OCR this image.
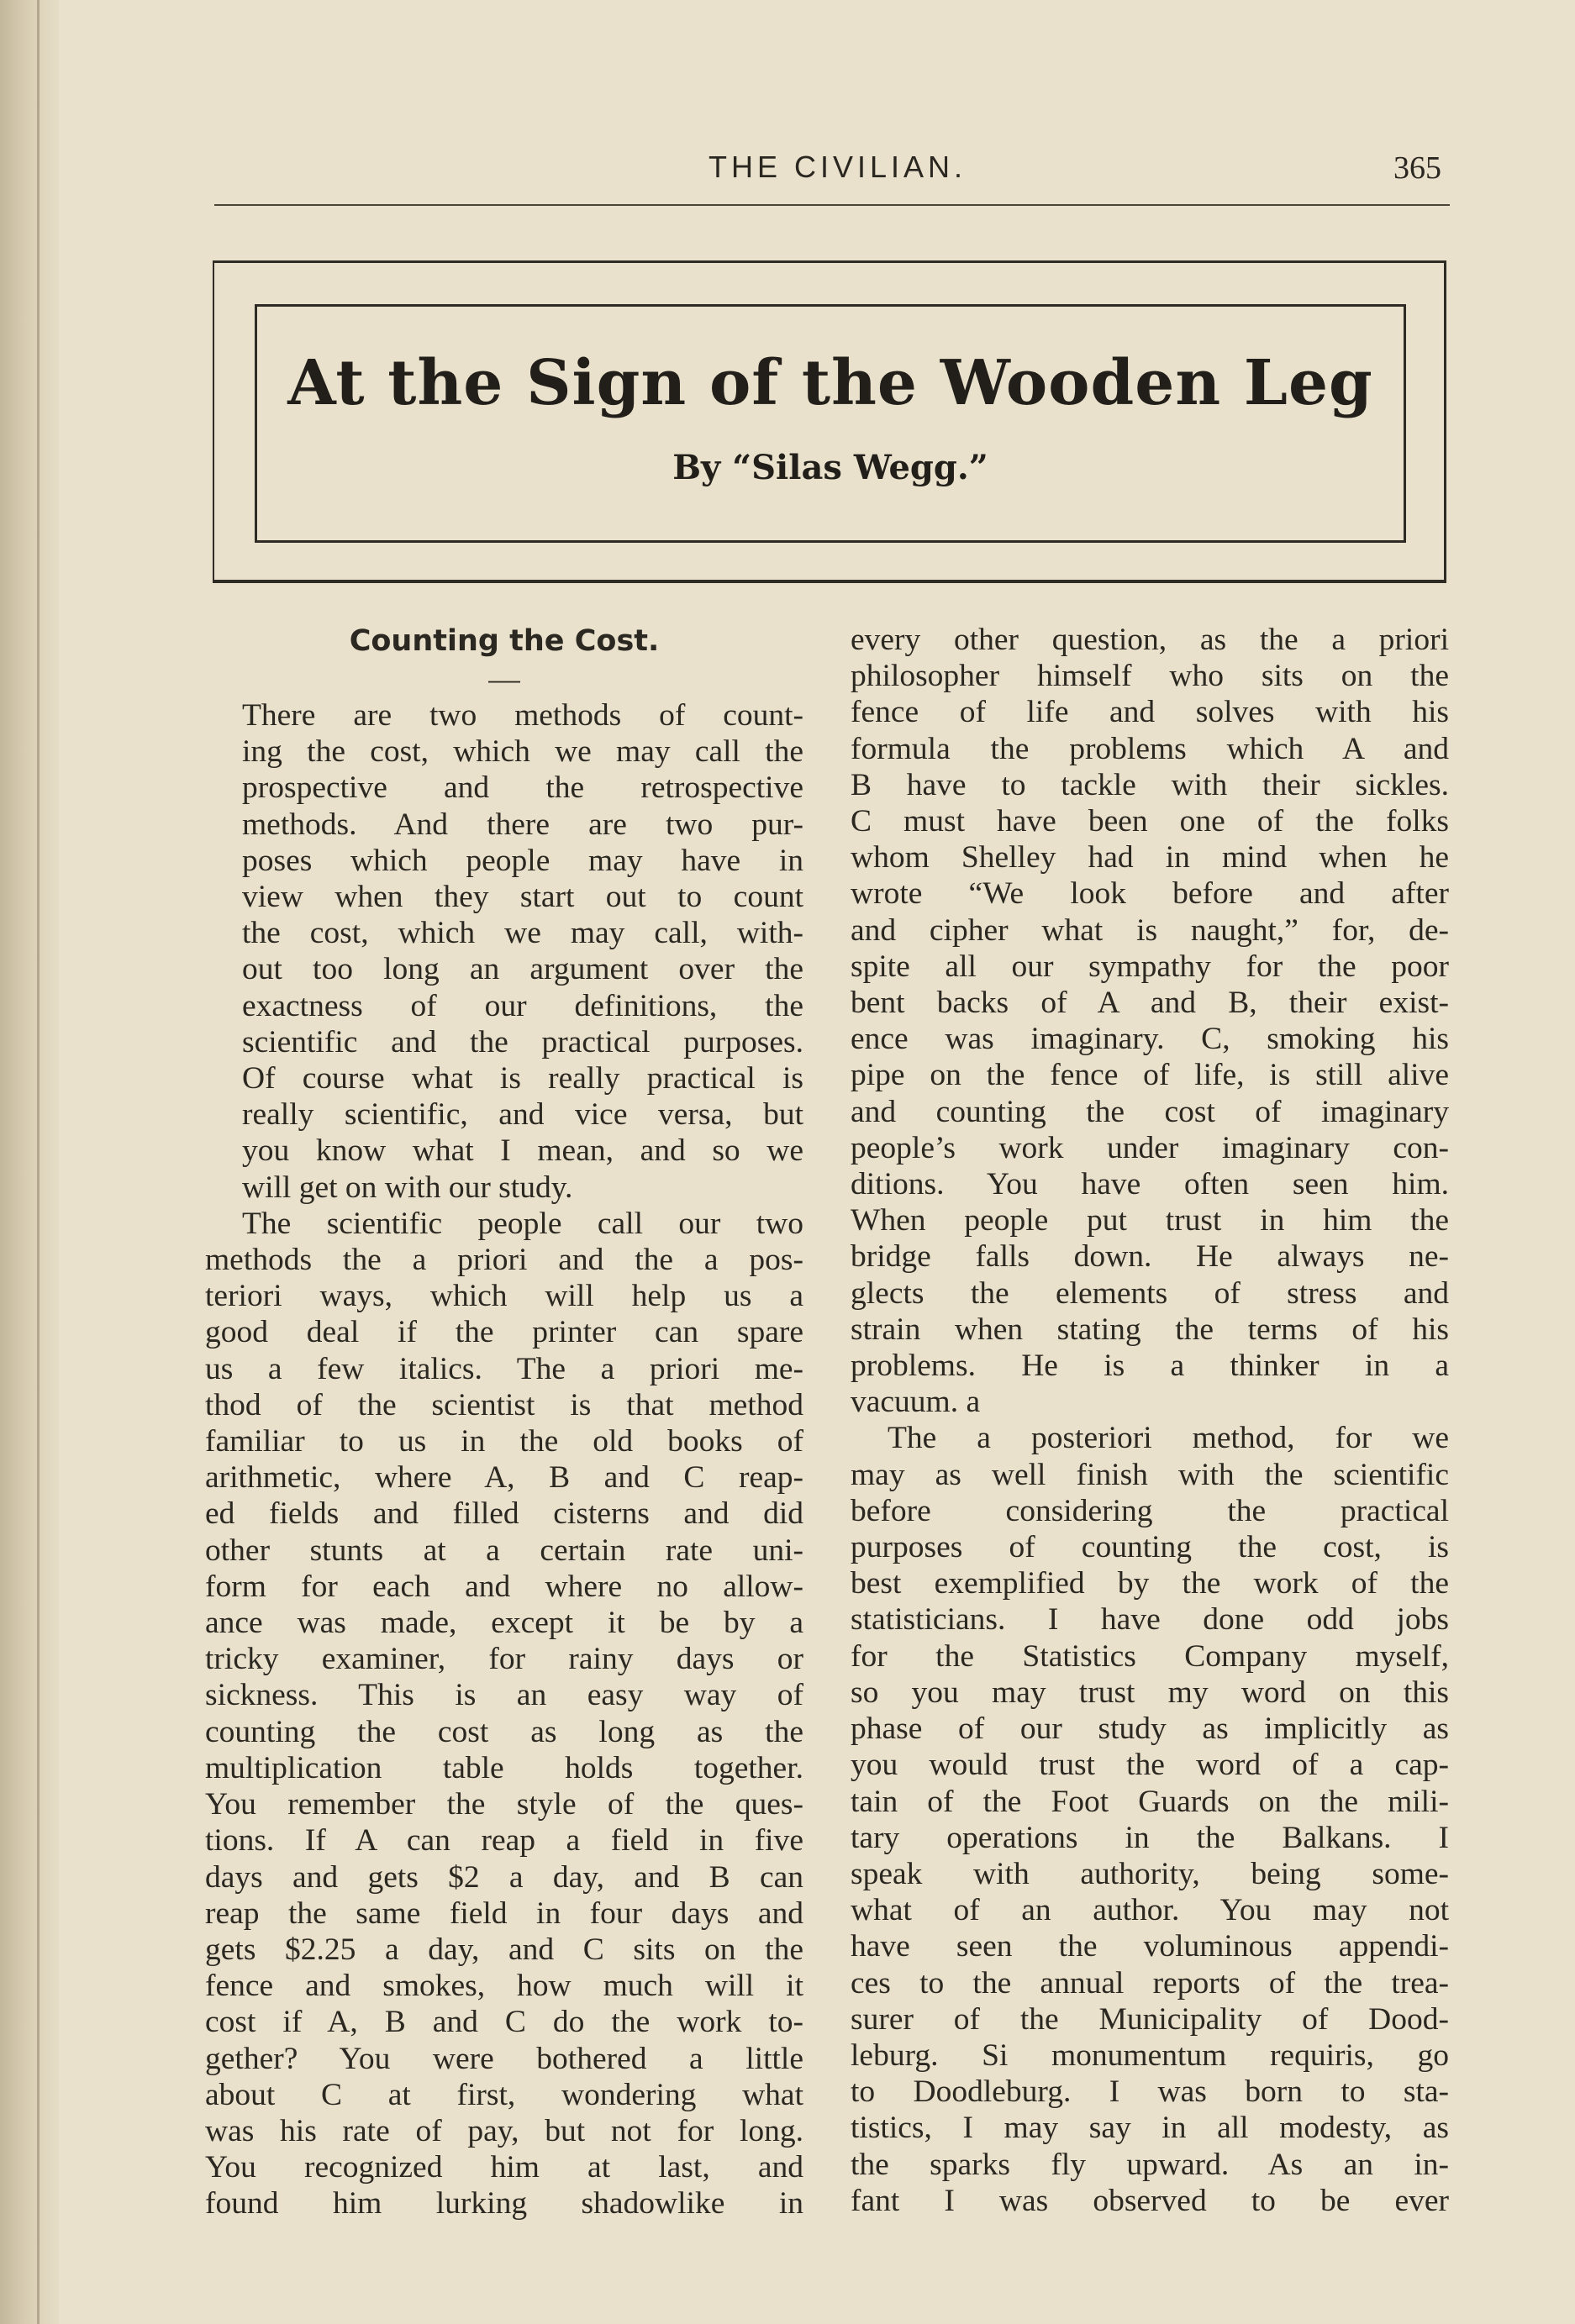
THE CIVILIAN.	365
At the Sign of the Wooden Leg
By “Silas Wegg.”
Counting the Cost.
—

There are two methods of count-
ing the cost, which we may call the
prospective and the retrospective
methods. And there are two pur-
poses which people may have in
view when they start out to count
the cost, which we may call, with-
out too long an argument over the
exactness of our definitions, the
scientific and the practical purposes.
Of course what is really practical is
really scientific, and vice versa, but
you know what I mean, and so we
will get on with our study.

The scientific people call our two
methods the a priori and the a pos-
teriori ways, which will help us a
good deal if the printer can spare
us a few italics. The a priori me-
thod of the scientist is that method
familiar to us in the old books of
arithmetic, where A, B and C reap-
ed fields and filled cisterns and did
other stunts at a certain rate uni-
form for each and where no allow-
ance was made, except it be by a
tricky examiner, for rainy days or
sickness. This is an easy way of
counting the cost as long as the
multiplication table holds together.
You remember the style of the ques-
tions. If A can reap a field in five
days and gets $2 a day, and B can
reap the same field in four days and
gets $2.25 a day, and C sits on the
fence and smokes, how much will it
cost if A, B and C do the work to-
gether? You were bothered a little
about C at first, wondering what
was his rate of pay, but not for long.
You recognized him at last, and
found him lurking shadowlike in

every other question, as the a priori
philosopher himself who sits on the
fence of life and solves with his
formula the problems which A and
B have to tackle with their sickles.
C must have been one of the folks
whom Shelley had in mind when he
wrote “We look before and after
and cipher what is naught,” for, de-
spite all our sympathy for the poor
bent backs of A and B, their exist-
ence was imaginary. C, smoking his
pipe on the fence of life, is still alive
and counting the cost of imaginary
people’s work under imaginary con-
ditions. You have often seen him.
When people put trust in him the
bridge falls down. He always ne-
glects the elements of stress and
strain when stating the terms of his
problems. He is a thinker in a
vacuum. a

The a posteriori method, for we
may as well finish with the scientific
before considering the practical
purposes of counting the cost, is
best exemplified by the work of the
statisticians. I have done odd jobs
for the Statistics Company myself,
so you may trust my word on this
phase of our study as implicitly as
you would trust the word of a cap-
tain of the Foot Guards on the mili-
tary operations in the Balkans. I
speak with authority, being some-
what of an author. You may not
have seen the voluminous appendi-
ces to the annual reports of the trea-
surer of the Municipality of Dood-
leburg. Si monumentum requiris, go
to Doodleburg. I was born to sta-
tistics, I may say in all modesty, as
the sparks fly upward. As an in-
fant I was observed to be ever
